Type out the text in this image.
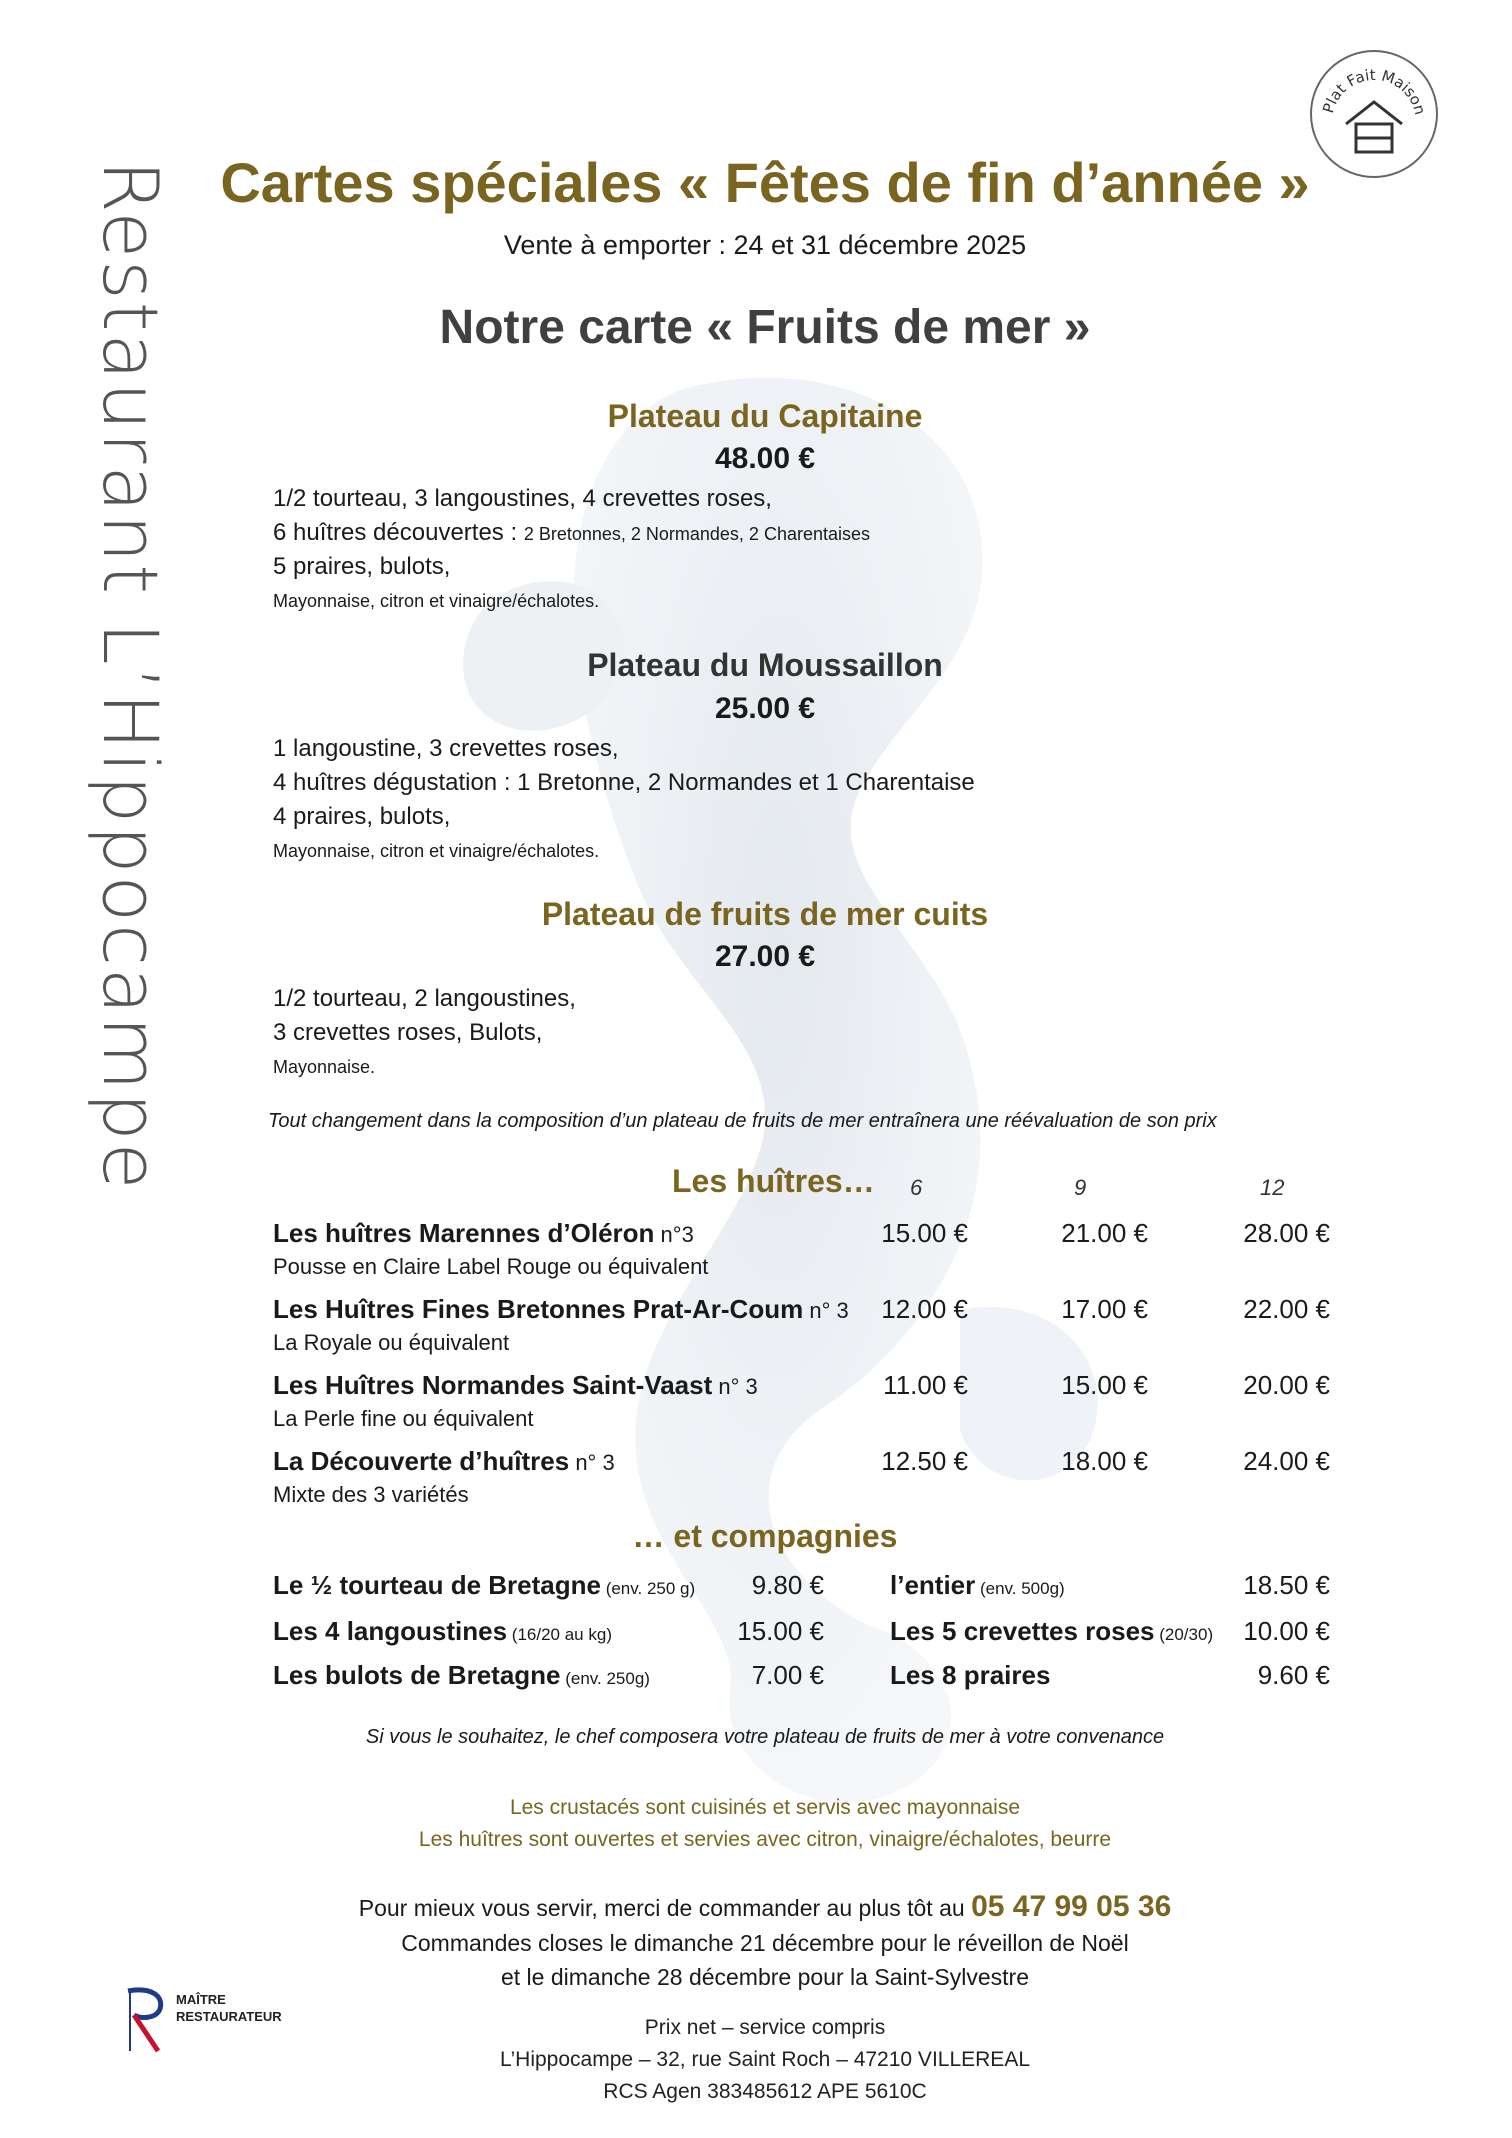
Restaurant L’Hippocampe
Plat Fait Maison
Cartes spéciales « Fêtes de fin d’année »
Vente à emporter : 24 et 31 décembre 2025
Notre carte « Fruits de mer »
Plateau du Capitaine
48.00 €
1/2 tourteau, 3 langoustines, 4 crevettes roses,
6 huîtres découvertes : 2 Bretonnes, 2 Normandes, 2 Charentaises
5 praires, bulots,
Mayonnaise, citron et vinaigre/échalotes.
Plateau du Moussaillon
25.00 €
1 langoustine, 3 crevettes roses,
4 huîtres dégustation : 1 Bretonne, 2 Normandes et 1 Charentaise
4 praires, bulots,
Mayonnaise, citron et vinaigre/échalotes.
Plateau de fruits de mer cuits
27.00 €
1/2 tourteau, 2 langoustines,
3 crevettes roses, Bulots,
Mayonnaise.
Tout changement dans la composition d’un plateau de fruits de mer entraînera une réévaluation de son prix
Les huîtres… 6	9	12
Les huîtres Marennes d’Oléron n°3
Pousse en Claire Label Rouge ou équivalent
15.00 €	21.00 €	28.00 €
Les Huîtres Fines Bretonnes Prat-Ar-Coum n° 3
La Royale ou équivalent
12.00 €	17.00 €	22.00 €
Les Huîtres Normandes Saint-Vaast n° 3
La Perle fine ou équivalent
11.00 €	15.00 €	20.00 €
La Découverte d’huîtres n° 3
Mixte des 3 variétés
12.50 €	18.00 €	24.00 €
… et compagnies
Le ½ tourteau de Bretagne (env. 250 g)	9.80 €	l’entier (env. 500g)	18.50 €
Les 4 langoustines (16/20 au kg)	15.00 €	Les 5 crevettes roses (20/30)	10.00 €
Les bulots de Bretagne (env. 250g)	7.00 €	Les 8 praires	9.60 €
Si vous le souhaitez, le chef composera votre plateau de fruits de mer à votre convenance
Les crustacés sont cuisinés et servis avec mayonnaise
Les huîtres sont ouvertes et servies avec citron, vinaigre/échalotes, beurre
Pour mieux vous servir, merci de commander au plus tôt au 05 47 99 05 36
Commandes closes le dimanche 21 décembre pour le réveillon de Noël
et le dimanche 28 décembre pour la Saint-Sylvestre
Prix net – service compris
L’Hippocampe – 32, rue Saint Roch – 47210 VILLEREAL
RCS Agen 383485612 APE 5610C
MAÎTRE
RESTAURATEUR
